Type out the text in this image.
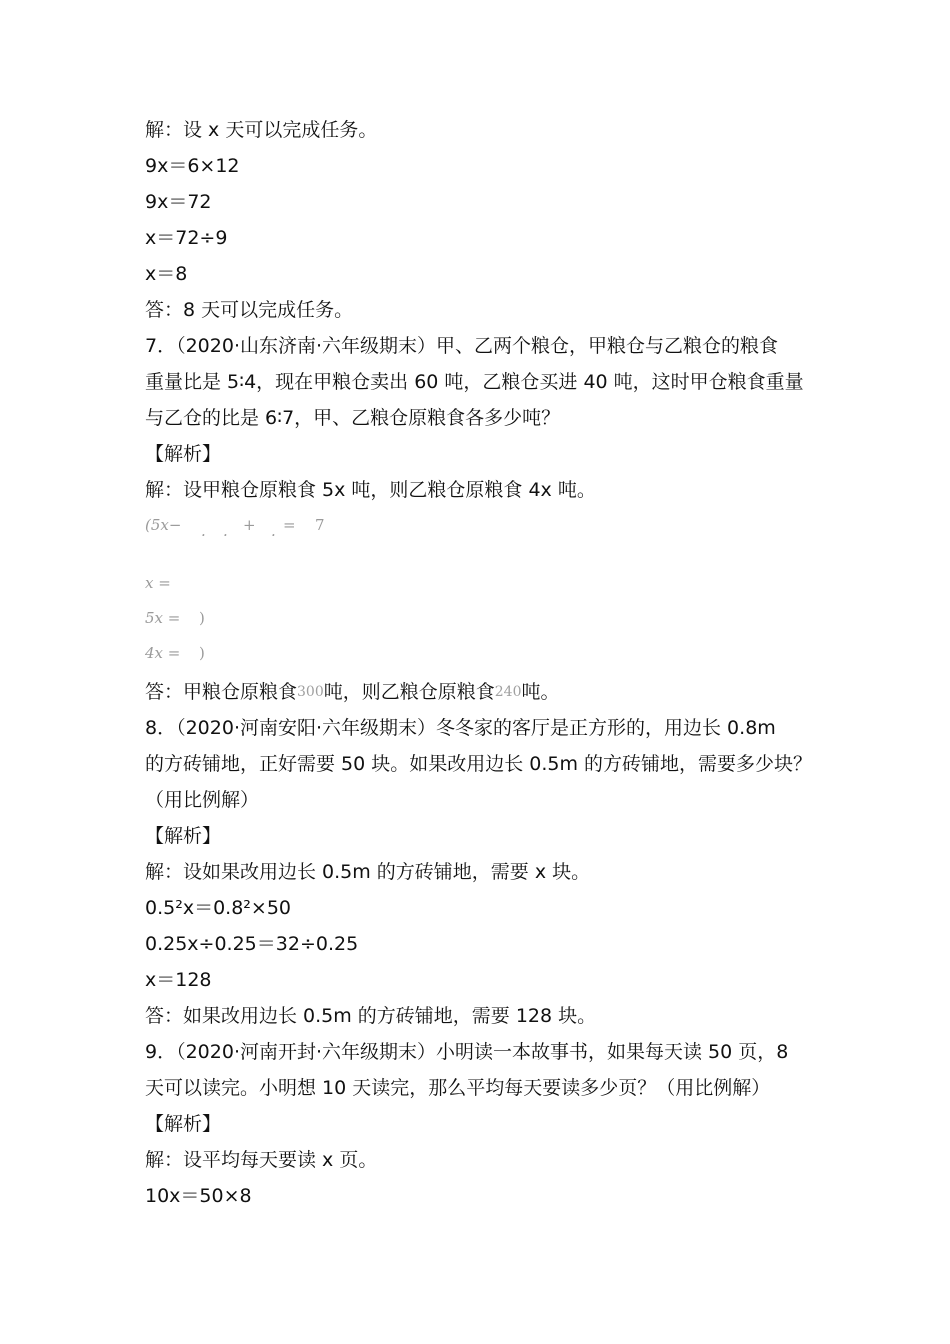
解：设 x 天可以完成任务。
9x＝6×12
9x＝72
x＝72÷9
x＝8
答：8 天可以完成任务。
7．（2020·山东济南·六年级期末）甲、乙两个粮仓，甲粮仓与乙粮仓的粮食
重量比是 5∶4，现在甲粮仓卖出 60 吨，乙粮仓买进 40 吨，这时甲仓粮食重量
与乙仓的比是 6∶7，甲、乙粮仓原粮食各多少吨？
【解析】
解：设甲粮仓原粮食 5x 吨，则乙粮仓原粮食 4x 吨。
(5x− . . + . = 7
x =
5x = )
4x = )
答：甲粮仓原粮食300吨，则乙粮仓原粮食240吨。
8．（2020·河南安阳·六年级期末）冬冬家的客厅是正方形的，用边长 0.8m
的方砖铺地，正好需要 50 块。如果改用边长 0.5m 的方砖铺地，需要多少块？
（用比例解）
【解析】
解：设如果改用边长 0.5m 的方砖铺地，需要 x 块。
0.5²x＝0.8²×50
0.25x÷0.25＝32÷0.25
x＝128
答：如果改用边长 0.5m 的方砖铺地，需要 128 块。
9．（2020·河南开封·六年级期末）小明读一本故事书，如果每天读 50 页，8
天可以读完。小明想 10 天读完，那么平均每天要读多少页？（用比例解）
【解析】
解：设平均每天要读 x 页。
10x＝50×8
